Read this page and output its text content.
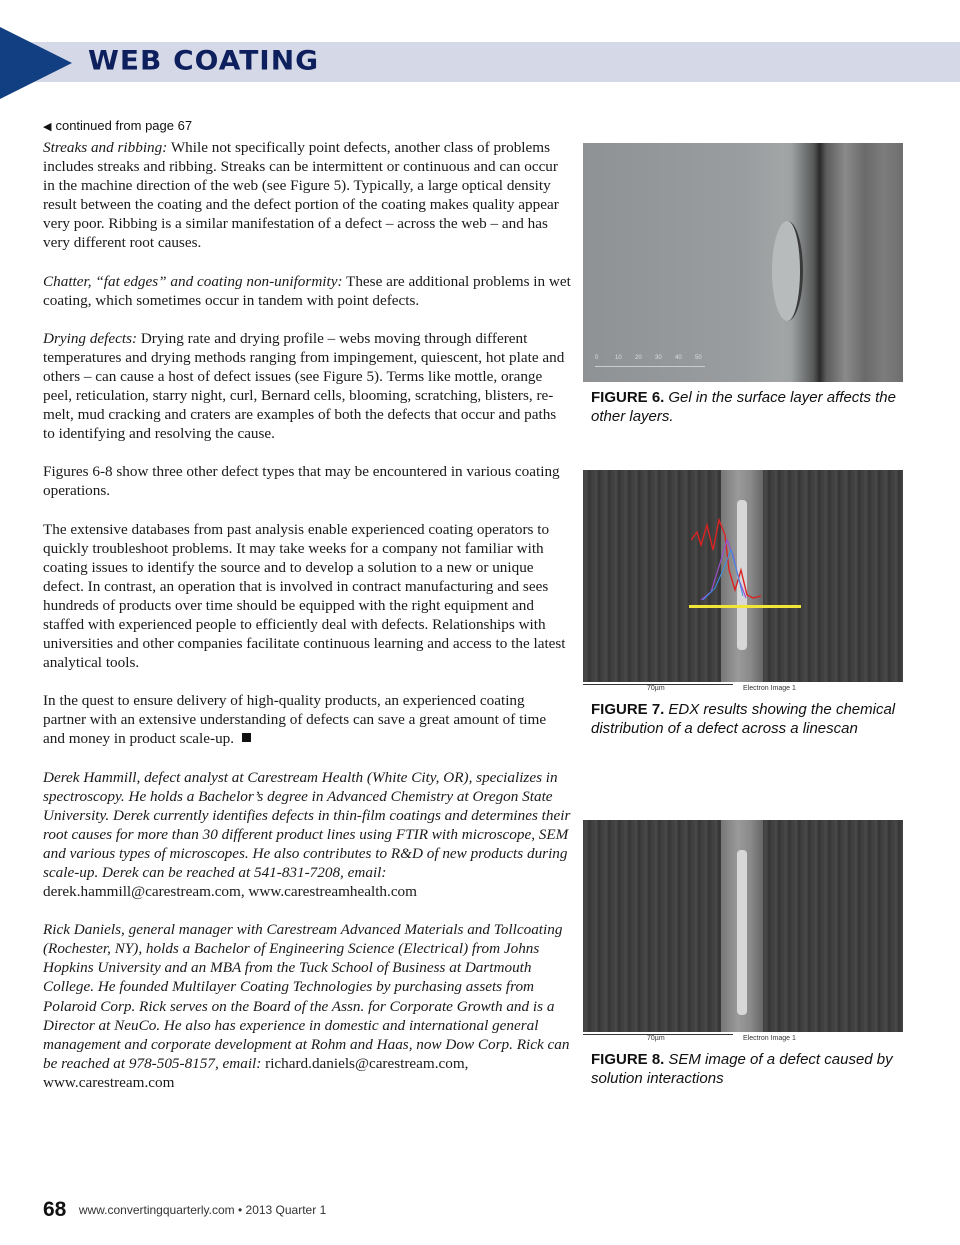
WEB COATING
◀ continued from page 67

Streaks and ribbing: While not specifically point defects, another class of problems includes streaks and ribbing. Streaks can be intermittent or continuous and can occur in the machine direction of the web (see Figure 5). Typically, a large optical density result between the coating and the defect portion of the coating makes quality appear very poor. Ribbing is a similar manifestation of a defect – across the web – and has very different root causes.

Chatter, “fat edges” and coating non-uniformity: These are additional problems in wet coating, which sometimes occur in tandem with point defects.

Drying defects: Drying rate and drying profile – webs moving through different temperatures and drying methods ranging from impingement, quiescent, hot plate and others – can cause a host of defect issues (see Figure 5). Terms like mottle, orange peel, reticulation, starry night, curl, Bernard cells, blooming, scratching, blisters, re-melt, mud cracking and craters are examples of both the defects that occur and paths to identifying and resolving the cause.

Figures 6-8 show three other defect types that may be encountered in various coating operations.

The extensive databases from past analysis enable experienced coating operators to quickly troubleshoot problems. It may take weeks for a company not familiar with coating issues to identify the source and to develop a solution to a new or unique defect. In contrast, an operation that is involved in contract manufacturing and sees hundreds of products over time should be equipped with the right equipment and staffed with experienced people to efficiently deal with defects. Relationships with universities and other companies facilitate continuous learning and access to the latest analytical tools.

In the quest to ensure delivery of high-quality products, an experienced coating partner with an extensive understanding of defects can save a great amount of time and money in product scale-up.

Derek Hammill, defect analyst at Carestream Health (White City, OR), specializes in spectroscopy. He holds a Bachelor’s degree in Advanced Chemistry at Oregon State University. Derek currently identifies defects in thin-film coatings and determines their root causes for more than 30 different product lines using FTIR with microscope, SEM and various types of microscopes. He also contributes to R&D of new products during scale-up. Derek can be reached at 541-831-7208, email: derek.hammill@carestream.com, www.carestreamhealth.com

Rick Daniels, general manager with Carestream Advanced Materials and Tollcoating (Rochester, NY), holds a Bachelor of Engineering Science (Electrical) from Johns Hopkins University and an MBA from the Tuck School of Business at Dartmouth College. He founded Multilayer Coating Technologies by purchasing assets from Polaroid Corp. Rick serves on the Board of the Assn. for Corporate Growth and is a Director at NeuCo. He also has experience in domestic and international general management and corporate development at Rohm and Haas, now Dow Corp. Rick can be reached at 978-505-8157, email: richard.daniels@carestream.com, www.carestream.com

0	10 20 30 40 50
FIGURE 6. Gel in the surface layer affects the other layers.
70µm	Electron Image 1
FIGURE 7. EDX results showing the chemical distribution of a defect across a linescan
70µm	Electron Image 1
FIGURE 8. SEM image of a defect caused by solution interactions
68 www.convertingquarterly.com • 2013 Quarter 1
